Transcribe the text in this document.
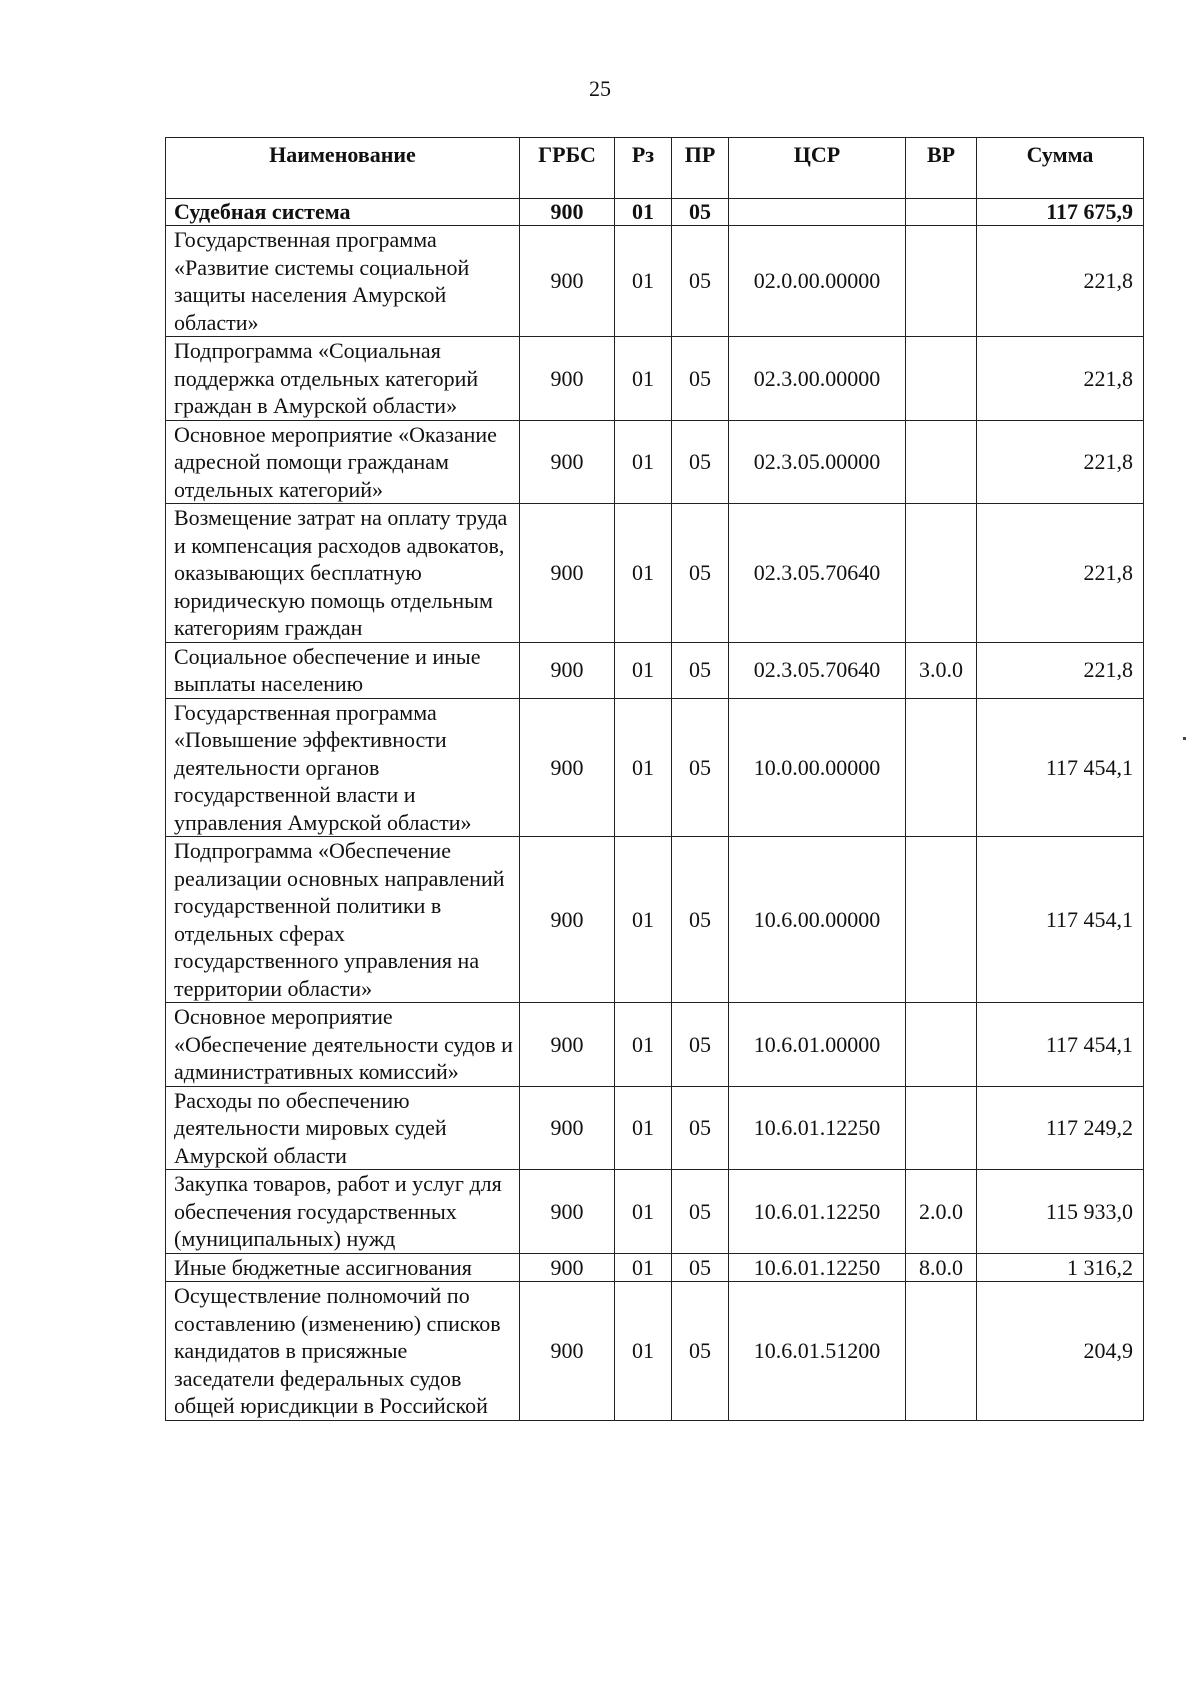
25
Наименование	ГРБС	Рз	ПР	ЦСР	ВР	Сумма
Судебная система	900	01	05			117 675,9
Государственная программа «Развитие системы социальной защиты населения Амурской области»	900	01	05	02.0.00.00000		221,8
Подпрограмма «Социальная поддержка отдельных категорий граждан в Амурской области»	900	01	05	02.3.00.00000		221,8
Основное мероприятие «Оказание адресной помощи гражданам отдельных категорий»	900	01	05	02.3.05.00000		221,8
Возмещение затрат на оплату труда и компенсация расходов адвокатов, оказывающих бесплатную юридическую помощь отдельным категориям граждан	900	01	05	02.3.05.70640		221,8
Социальное обеспечение и иные выплаты населению	900	01	05	02.3.05.70640	3.0.0	221,8
Государственная программа «Повышение эффективности деятельности органов государственной власти и управления Амурской области»	900	01	05	10.0.00.00000		117 454,1
Подпрограмма «Обеспечение реализации основных направлений государственной политики в отдельных сферах государственного управления на территории области»	900	01	05	10.6.00.00000		117 454,1
Основное мероприятие «Обеспечение деятельности судов и административных комиссий»	900	01	05	10.6.01.00000		117 454,1
Расходы по обеспечению деятельности мировых судей Амурской области	900	01	05	10.6.01.12250		117 249,2
Закупка товаров, работ и услуг для обеспечения государственных (муниципальных) нужд	900	01	05	10.6.01.12250	2.0.0	115 933,0
Иные бюджетные ассигнования	900	01	05	10.6.01.12250	8.0.0	1 316,2
Осуществление полномочий по составлению (изменению) списков кандидатов в присяжные заседатели федеральных судов общей юрисдикции в Российской	900	01	05	10.6.01.51200		204,9
